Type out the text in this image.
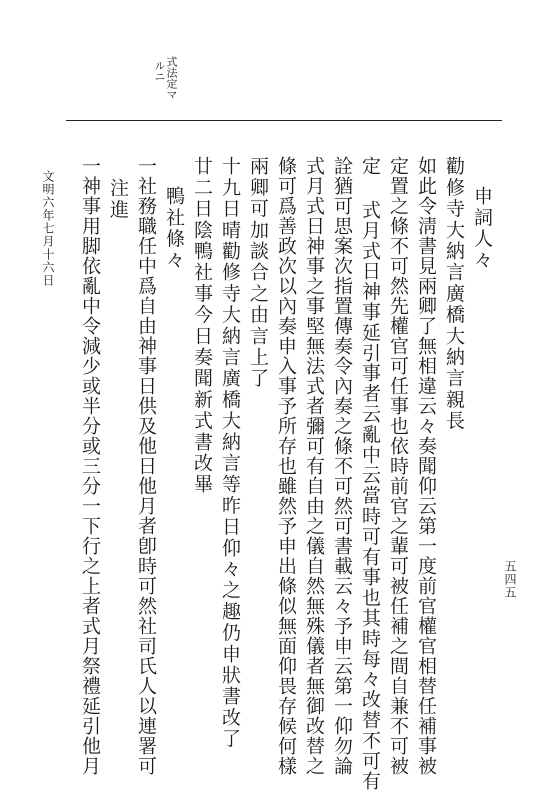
式法定マ
ルニ
申詞人々
勸修寺大納言廣橋大納言親長
如此令淸書見兩卿了無相違云々奏聞仰云第一度前官權官相替任補事被
定置之條不可然先權官可任事也依時前官之輩可被任補之間自兼不可被
定 式月式日神事延引事者云亂中云當時可有事也其時每々改替不可有
詮猶可思案次指置傳奏令內奏之條不可然可書載云々予申云第一仰勿論
式月式日神事之事堅無法式者彌可有自由之儀自然無殊儀者無御改替之
條可爲善政次以內奏申入事予所存也雖然予申出條似無面仰畏存候何樣
兩卿可加談合之由言上了
十九日晴勸修寺大納言廣橋大納言等昨日仰々之趣仍申狀書改了
廿二日陰鴨社事今日奏聞新式書改畢
鴨社條々
一社務職任中爲自由神事日供及他日他月者卽時可然社司氏人以連署可
注進
一神事用脚依亂中令減少或半分或三分一下行之上者式月祭禮延引他月
文明六年七月十六日
五四五
